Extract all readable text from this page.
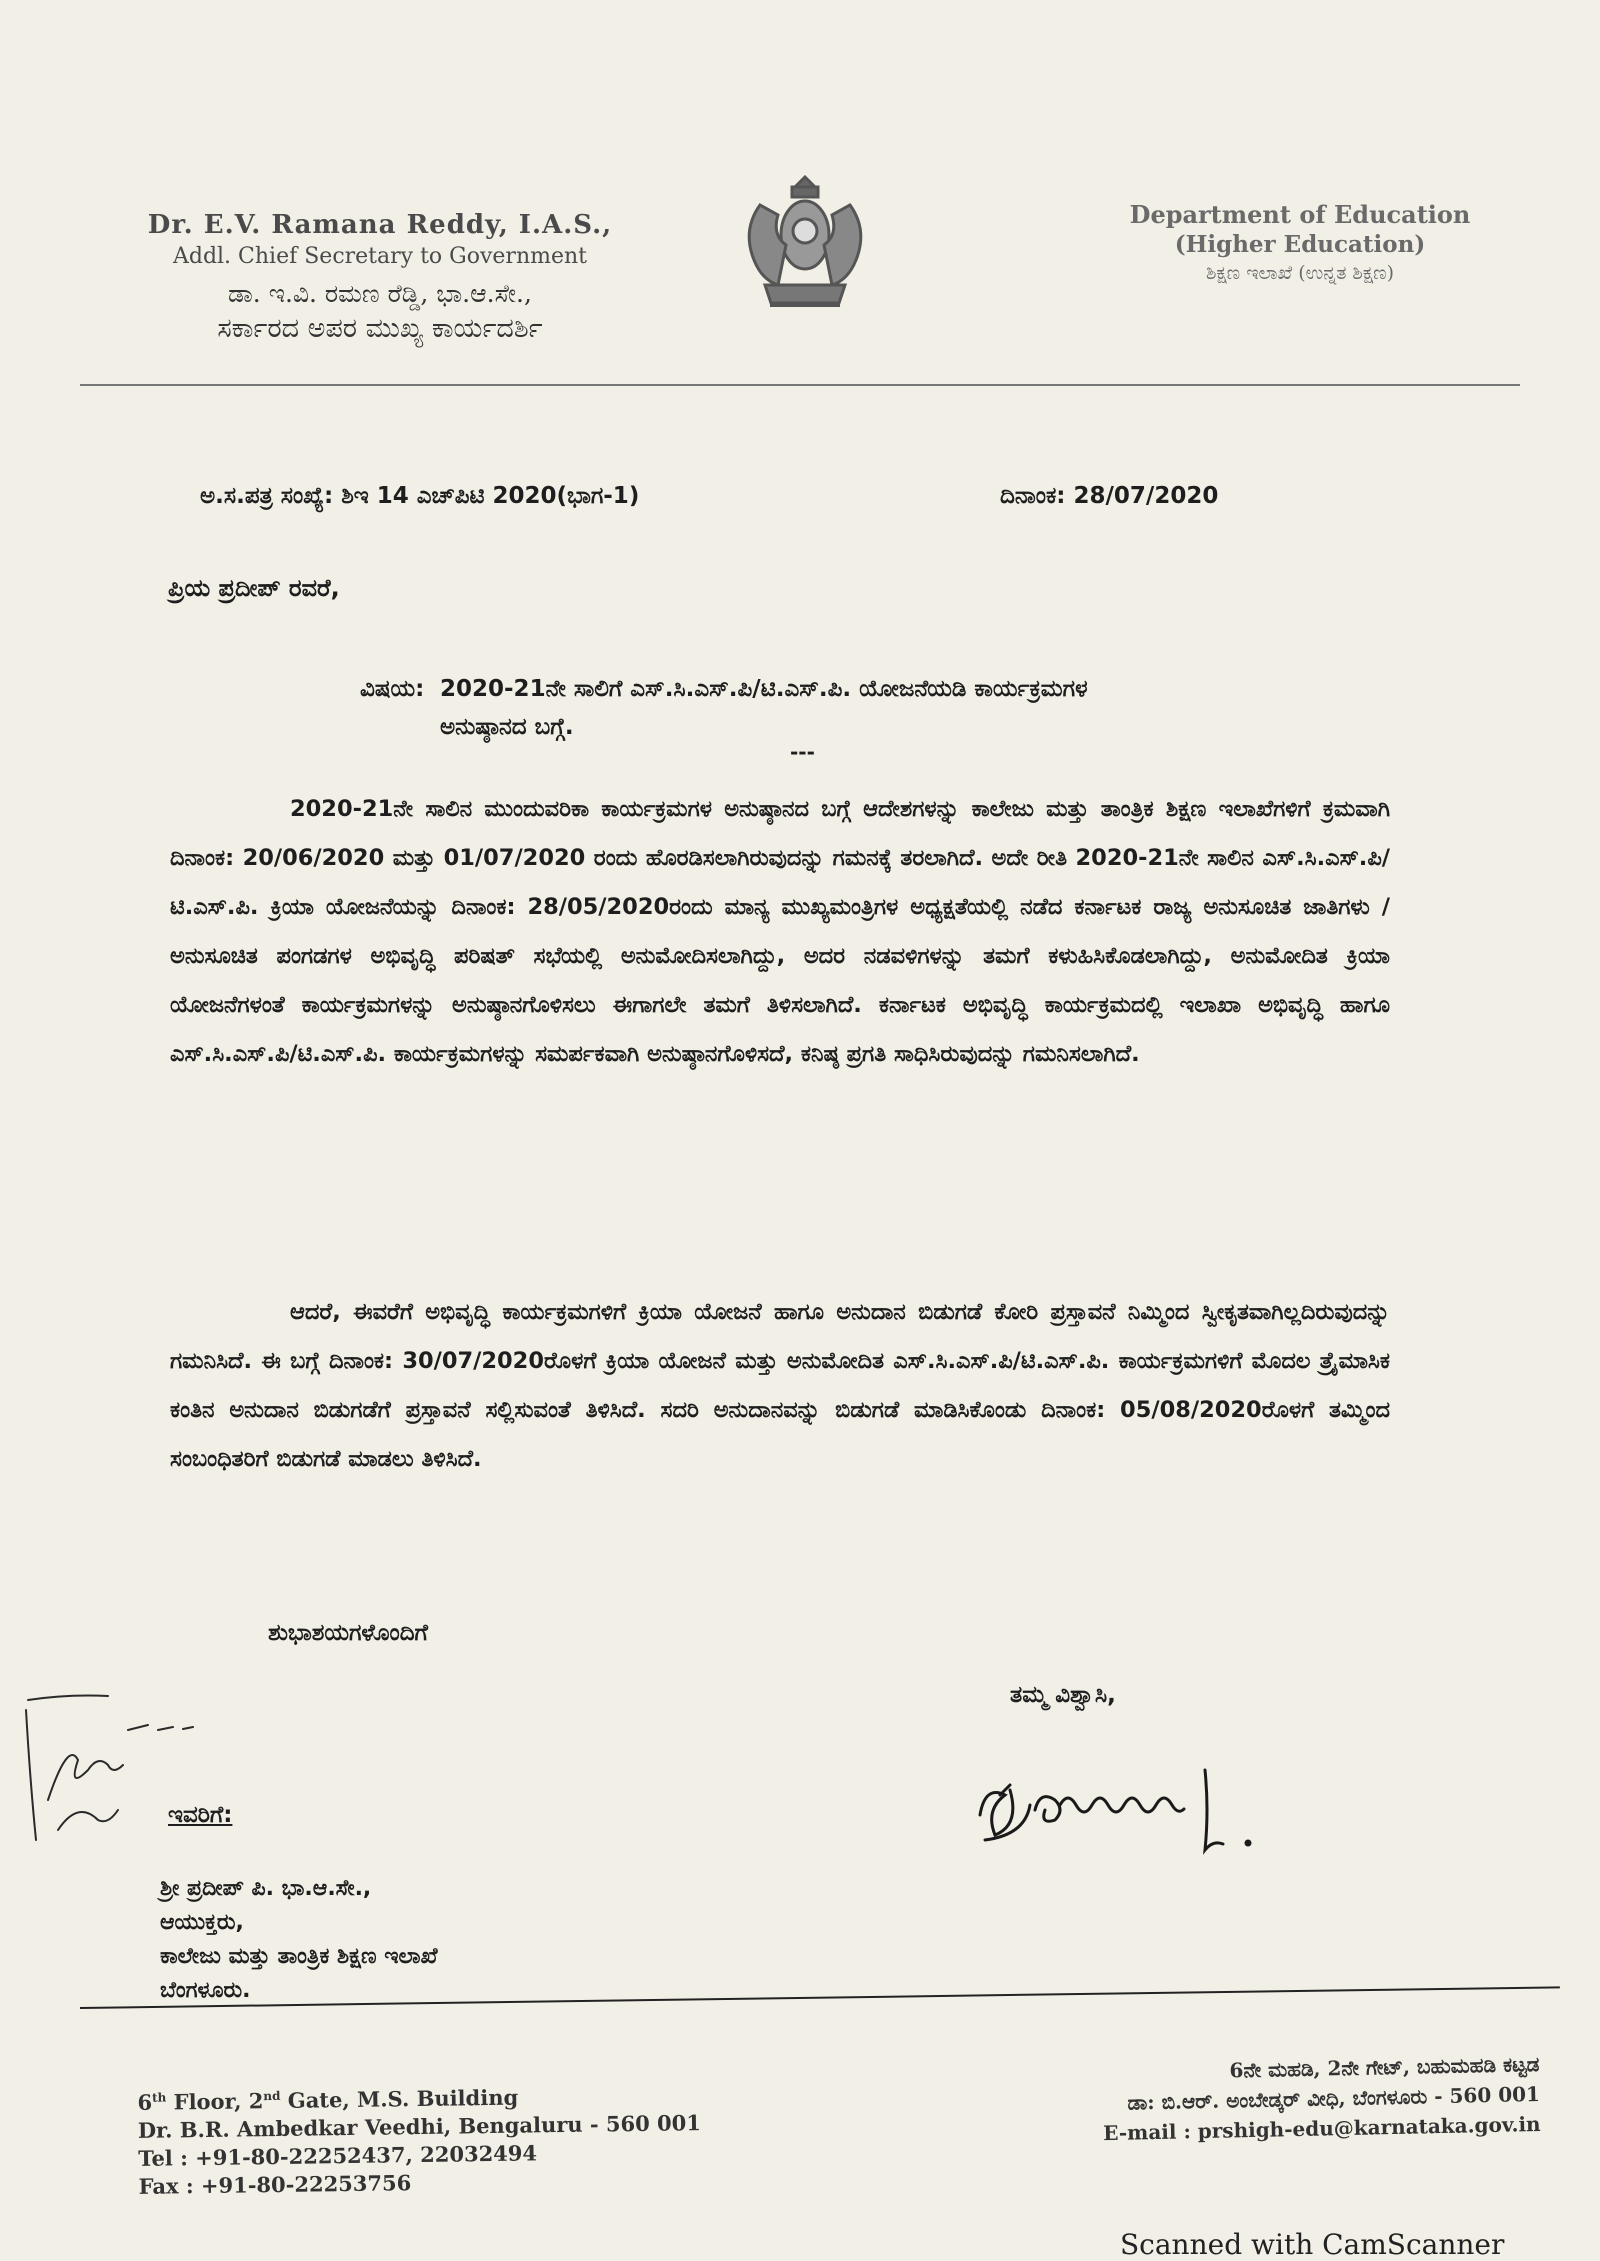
Dr. E.V. Ramana Reddy, I.A.S.,
Addl. Chief Secretary to Government
ಡಾ. ಇ.ವಿ. ರಮಣ ರೆಡ್ಡಿ, ಭಾ.ಆ.ಸೇ.,
ಸರ್ಕಾರದ ಅಪರ ಮುಖ್ಯ ಕಾರ್ಯದರ್ಶಿ
Department of Education
(Higher Education)
ಶಿಕ್ಷಣ ಇಲಾಖೆ (ಉನ್ನತ ಶಿಕ್ಷಣ)
ಅ.ಸ.ಪತ್ರ ಸಂಖ್ಯೆ: ಶಿಇ 14 ಎಚ್‌ಪಿಟಿ 2020(ಭಾಗ-1)	ದಿನಾಂಕ: 28/07/2020
ಪ್ರಿಯ ಪ್ರದೀಪ್ ರವರೆ,
ವಿಷಯ: 2020-21ನೇ ಸಾಲಿಗೆ ಎಸ್.ಸಿ.ಎಸ್.ಪಿ/ಟಿ.ಎಸ್.ಪಿ. ಯೋಜನೆಯಡಿ ಕಾರ್ಯಕ್ರಮಗಳ
ಅನುಷ್ಠಾನದ ಬಗ್ಗೆ.
---
2020-21ನೇ ಸಾಲಿನ ಮುಂದುವರಿಕಾ ಕಾರ್ಯಕ್ರಮಗಳ ಅನುಷ್ಠಾನದ ಬಗ್ಗೆ ಆದೇಶಗಳನ್ನು ಕಾಲೇಜು ಮತ್ತು ತಾಂತ್ರಿಕ ಶಿಕ್ಷಣ ಇಲಾಖೆಗಳಿಗೆ ಕ್ರಮವಾಗಿ ದಿನಾಂಕ: 20/06/2020 ಮತ್ತು 01/07/2020 ರಂದು ಹೊರಡಿಸಲಾಗಿರುವುದನ್ನು ಗಮನಕ್ಕೆ ತರಲಾಗಿದೆ. ಅದೇ ರೀತಿ 2020-21ನೇ ಸಾಲಿನ ಎಸ್.ಸಿ.ಎಸ್.ಪಿ/ಟಿ.ಎಸ್.ಪಿ. ಕ್ರಿಯಾ ಯೋಜನೆಯನ್ನು ದಿನಾಂಕ: 28/05/2020ರಂದು ಮಾನ್ಯ ಮುಖ್ಯಮಂತ್ರಿಗಳ ಅಧ್ಯಕ್ಷತೆಯಲ್ಲಿ ನಡೆದ ಕರ್ನಾಟಕ ರಾಜ್ಯ ಅನುಸೂಚಿತ ಜಾತಿಗಳು / ಅನುಸೂಚಿತ ಪಂಗಡಗಳ ಅಭಿವೃದ್ಧಿ ಪರಿಷತ್ ಸಭೆಯಲ್ಲಿ ಅನುಮೋದಿಸಲಾಗಿದ್ದು, ಅದರ ನಡವಳಿಗಳನ್ನು ತಮಗೆ ಕಳುಹಿಸಿಕೊಡಲಾಗಿದ್ದು, ಅನುಮೋದಿತ ಕ್ರಿಯಾ ಯೋಜನೆಗಳಂತೆ ಕಾರ್ಯಕ್ರಮಗಳನ್ನು ಅನುಷ್ಠಾನಗೊಳಿಸಲು ಈಗಾಗಲೇ ತಮಗೆ ತಿಳಿಸಲಾಗಿದೆ. ಕರ್ನಾಟಕ ಅಭಿವೃದ್ಧಿ ಕಾರ್ಯಕ್ರಮದಲ್ಲಿ ಇಲಾಖಾ ಅಭಿವೃದ್ಧಿ ಹಾಗೂ ಎಸ್.ಸಿ.ಎಸ್.ಪಿ/ಟಿ.ಎಸ್.ಪಿ. ಕಾರ್ಯಕ್ರಮಗಳನ್ನು ಸಮರ್ಪಕವಾಗಿ ಅನುಷ್ಠಾನಗೊಳಿಸದೆ, ಕನಿಷ್ಠ ಪ್ರಗತಿ ಸಾಧಿಸಿರುವುದನ್ನು ಗಮನಿಸಲಾಗಿದೆ.
ಆದರೆ, ಈವರೆಗೆ ಅಭಿವೃದ್ಧಿ ಕಾರ್ಯಕ್ರಮಗಳಿಗೆ ಕ್ರಿಯಾ ಯೋಜನೆ ಹಾಗೂ ಅನುದಾನ ಬಿಡುಗಡೆ ಕೋರಿ ಪ್ರಸ್ತಾವನೆ ನಿಮ್ಮಿಂದ ಸ್ವೀಕೃತವಾಗಿಲ್ಲದಿರುವುದನ್ನು ಗಮನಿಸಿದೆ. ಈ ಬಗ್ಗೆ ದಿನಾಂಕ: 30/07/2020ರೊಳಗೆ ಕ್ರಿಯಾ ಯೋಜನೆ ಮತ್ತು ಅನುಮೋದಿತ ಎಸ್.ಸಿ.ಎಸ್.ಪಿ/ಟಿ.ಎಸ್.ಪಿ. ಕಾರ್ಯಕ್ರಮಗಳಿಗೆ ಮೊದಲ ತ್ರೈಮಾಸಿಕ ಕಂತಿನ ಅನುದಾನ ಬಿಡುಗಡೆಗೆ ಪ್ರಸ್ತಾವನೆ ಸಲ್ಲಿಸುವಂತೆ ತಿಳಿಸಿದೆ. ಸದರಿ ಅನುದಾನವನ್ನು ಬಿಡುಗಡೆ ಮಾಡಿಸಿಕೊಂಡು ದಿನಾಂಕ: 05/08/2020ರೊಳಗೆ ತಮ್ಮಿಂದ ಸಂಬಂಧಿತರಿಗೆ ಬಿಡುಗಡೆ ಮಾಡಲು ತಿಳಿಸಿದೆ.
ಶುಭಾಶಯಗಳೊಂದಿಗೆ
ತಮ್ಮ ವಿಶ್ವಾಸಿ,
ಇವರಿಗೆ:
ಶ್ರೀ ಪ್ರದೀಪ್ ಪಿ. ಭಾ.ಆ.ಸೇ.,
ಆಯುಕ್ತರು,
ಕಾಲೇಜು ಮತ್ತು ತಾಂತ್ರಿಕ ಶಿಕ್ಷಣ ಇಲಾಖೆ
ಬೆಂಗಳೂರು.
6th Floor, 2nd Gate, M.S. Building
Dr. B.R. Ambedkar Veedhi, Bengaluru - 560 001
Tel : +91-80-22252437, 22032494
Fax : +91-80-22253756
6ನೇ ಮಹಡಿ, 2ನೇ ಗೇಟ್, ಬಹುಮಹಡಿ ಕಟ್ಟಡ
ಡಾ: ಬಿ.ಆರ್. ಅಂಬೇಡ್ಕರ್ ವೀಧಿ, ಬೆಂಗಳೂರು - 560 001
E-mail : prshigh-edu@karnataka.gov.in
Scanned with CamScanner
